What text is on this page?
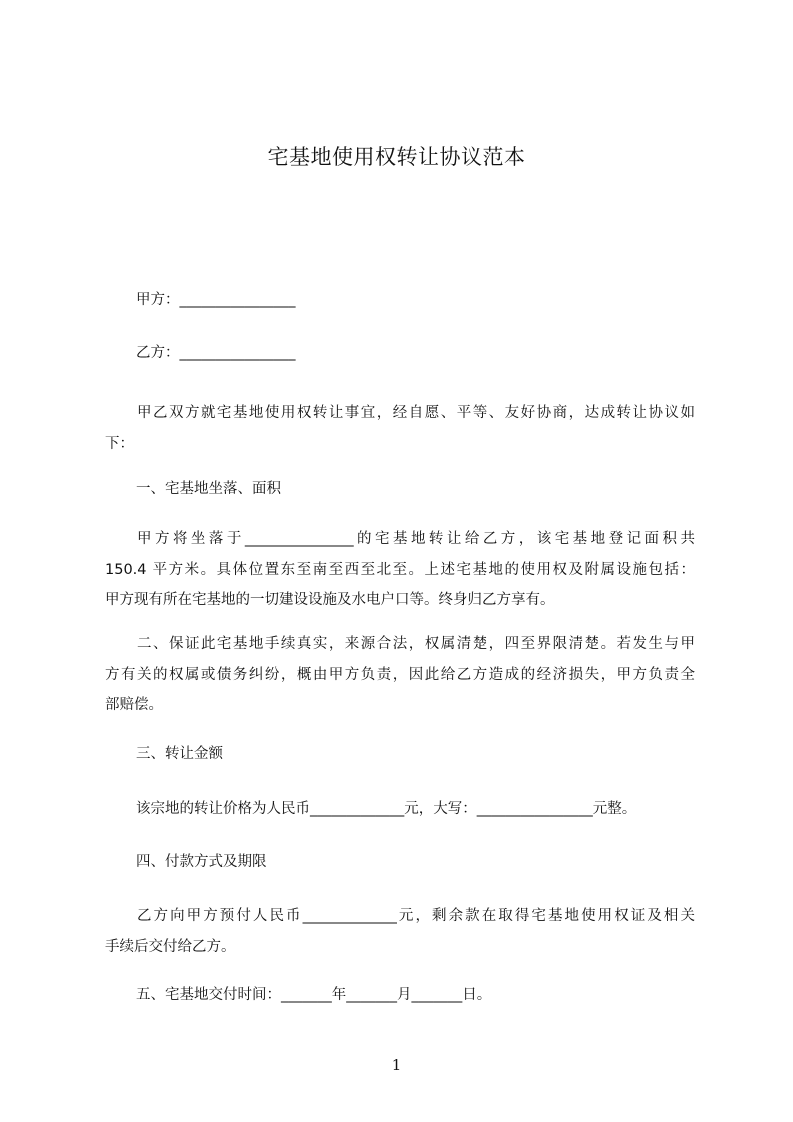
宅基地使用权转让协议范本
甲方：________________
乙方：________________

甲乙双方就宅基地使用权转让事宜，经自愿、平等、友好协商，达成转让协议如

下：

一、宅基地坐落、面积

甲方将坐落于_______________的宅基地转让给乙方，该宅基地登记面积共

150.4 平方米。具体位置东至南至西至北至。上述宅基地的使用权及附属设施包括：

甲方现有所在宅基地的一切建设设施及水电户口等。终身归乙方享有。

二、保证此宅基地手续真实，来源合法，权属清楚，四至界限清楚。若发生与甲

方有关的权属或债务纠纷，概由甲方负责，因此给乙方造成的经济损失，甲方负责全

部赔偿。

三、转让金额
该宗地的转让价格为人民币_____________元，大写：________________元整。
四、付款方式及期限

乙方向甲方预付人民币_____________元，剩余款在取得宅基地使用权证及相关

手续后交付给乙方。

五、宅基地交付时间：_______年_______月_______日。
1
